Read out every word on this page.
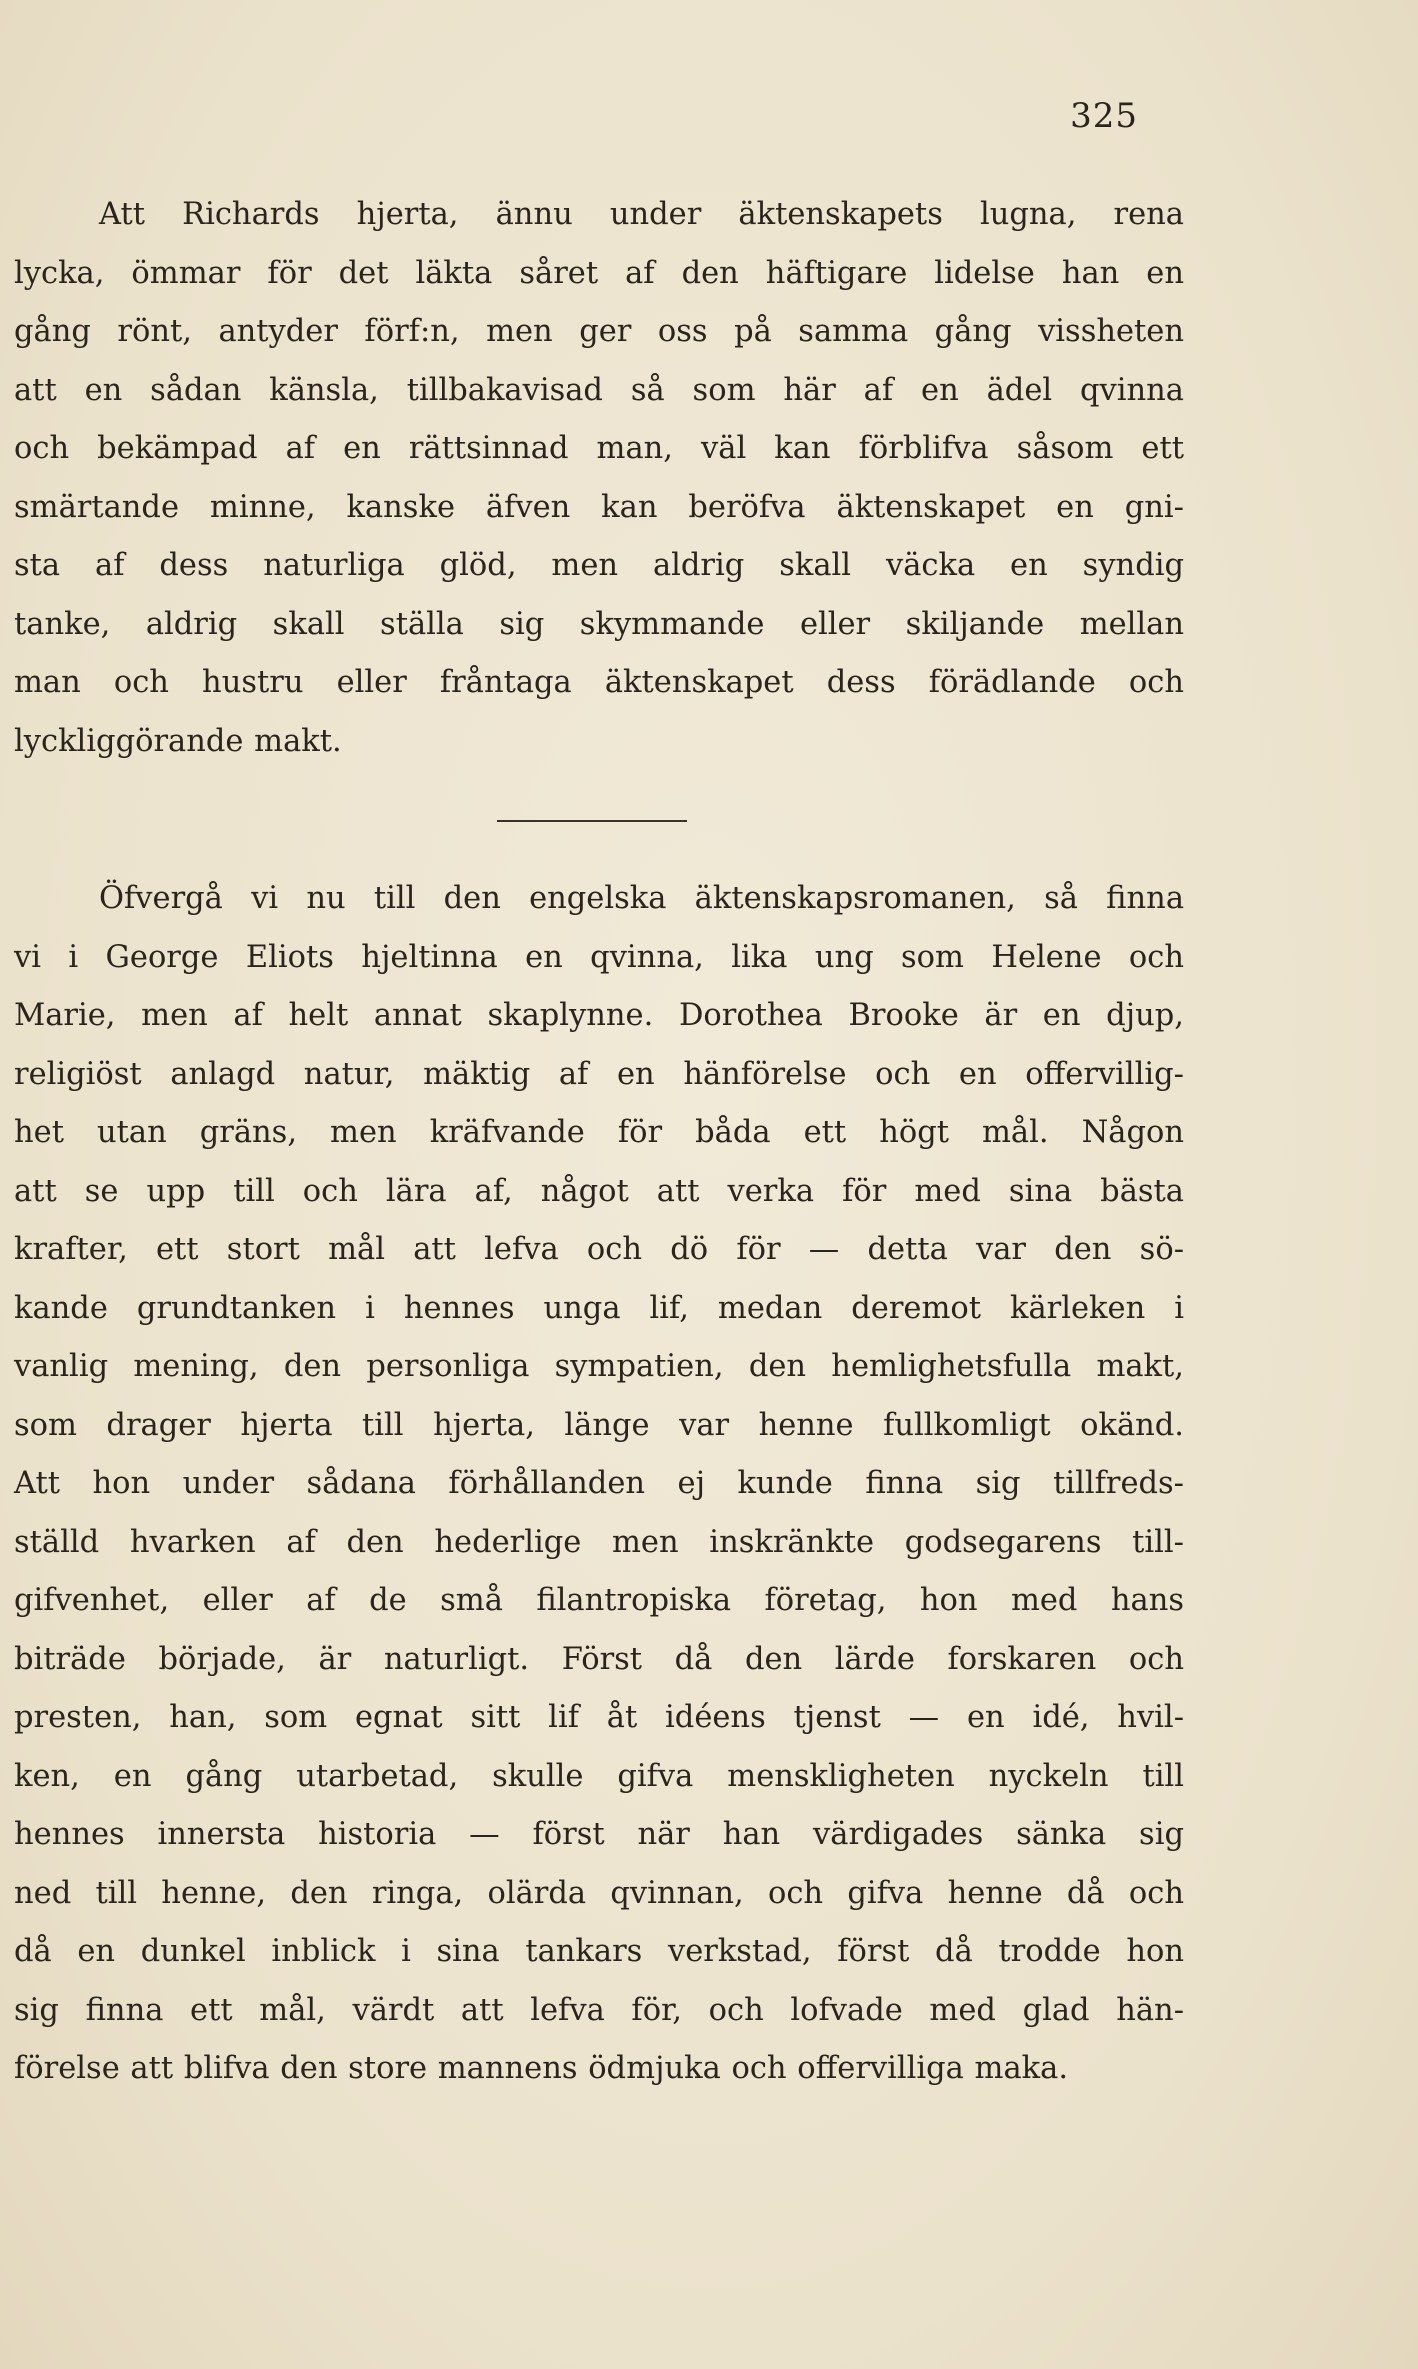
325
Att Richards hjerta, ännu under äktenskapets lugna, rena
lycka, ömmar för det läkta såret af den häftigare lidelse han en
gång rönt, antyder förf:n, men ger oss på samma gång vissheten
att en sådan känsla, tillbakavisad så som här af en ädel qvinna
och bekämpad af en rättsinnad man, väl kan förblifva såsom ett
smärtande minne, kanske äfven kan beröfva äktenskapet en gni-
sta af dess naturliga glöd, men aldrig skall väcka en syndig
tanke, aldrig skall ställa sig skymmande eller skiljande mellan
man och hustru eller fråntaga äktenskapet dess förädlande och
lyckliggörande makt.
Öfvergå vi nu till den engelska äktenskapsromanen, så finna
vi i George Eliots hjeltinna en qvinna, lika ung som Helene och
Marie, men af helt annat skaplynne. Dorothea Brooke är en djup,
religiöst anlagd natur, mäktig af en hänförelse och en offervillig-
het utan gräns, men kräfvande för båda ett högt mål. Någon
att se upp till och lära af, något att verka för med sina bästa
krafter, ett stort mål att lefva och dö för — detta var den sö-
kande grundtanken i hennes unga lif, medan deremot kärleken i
vanlig mening, den personliga sympatien, den hemlighetsfulla makt,
som drager hjerta till hjerta, länge var henne fullkomligt okänd.
Att hon under sådana förhållanden ej kunde finna sig tillfreds-
ställd hvarken af den hederlige men inskränkte godsegarens till-
gifvenhet, eller af de små filantropiska företag, hon med hans
biträde började, är naturligt. Först då den lärde forskaren och
presten, han, som egnat sitt lif åt idéens tjenst — en idé, hvil-
ken, en gång utarbetad, skulle gifva menskligheten nyckeln till
hennes innersta historia — först när han värdigades sänka sig
ned till henne, den ringa, olärda qvinnan, och gifva henne då och
då en dunkel inblick i sina tankars verkstad, först då trodde hon
sig finna ett mål, värdt att lefva för, och lofvade med glad hän-
förelse att blifva den store mannens ödmjuka och offervilliga maka.
